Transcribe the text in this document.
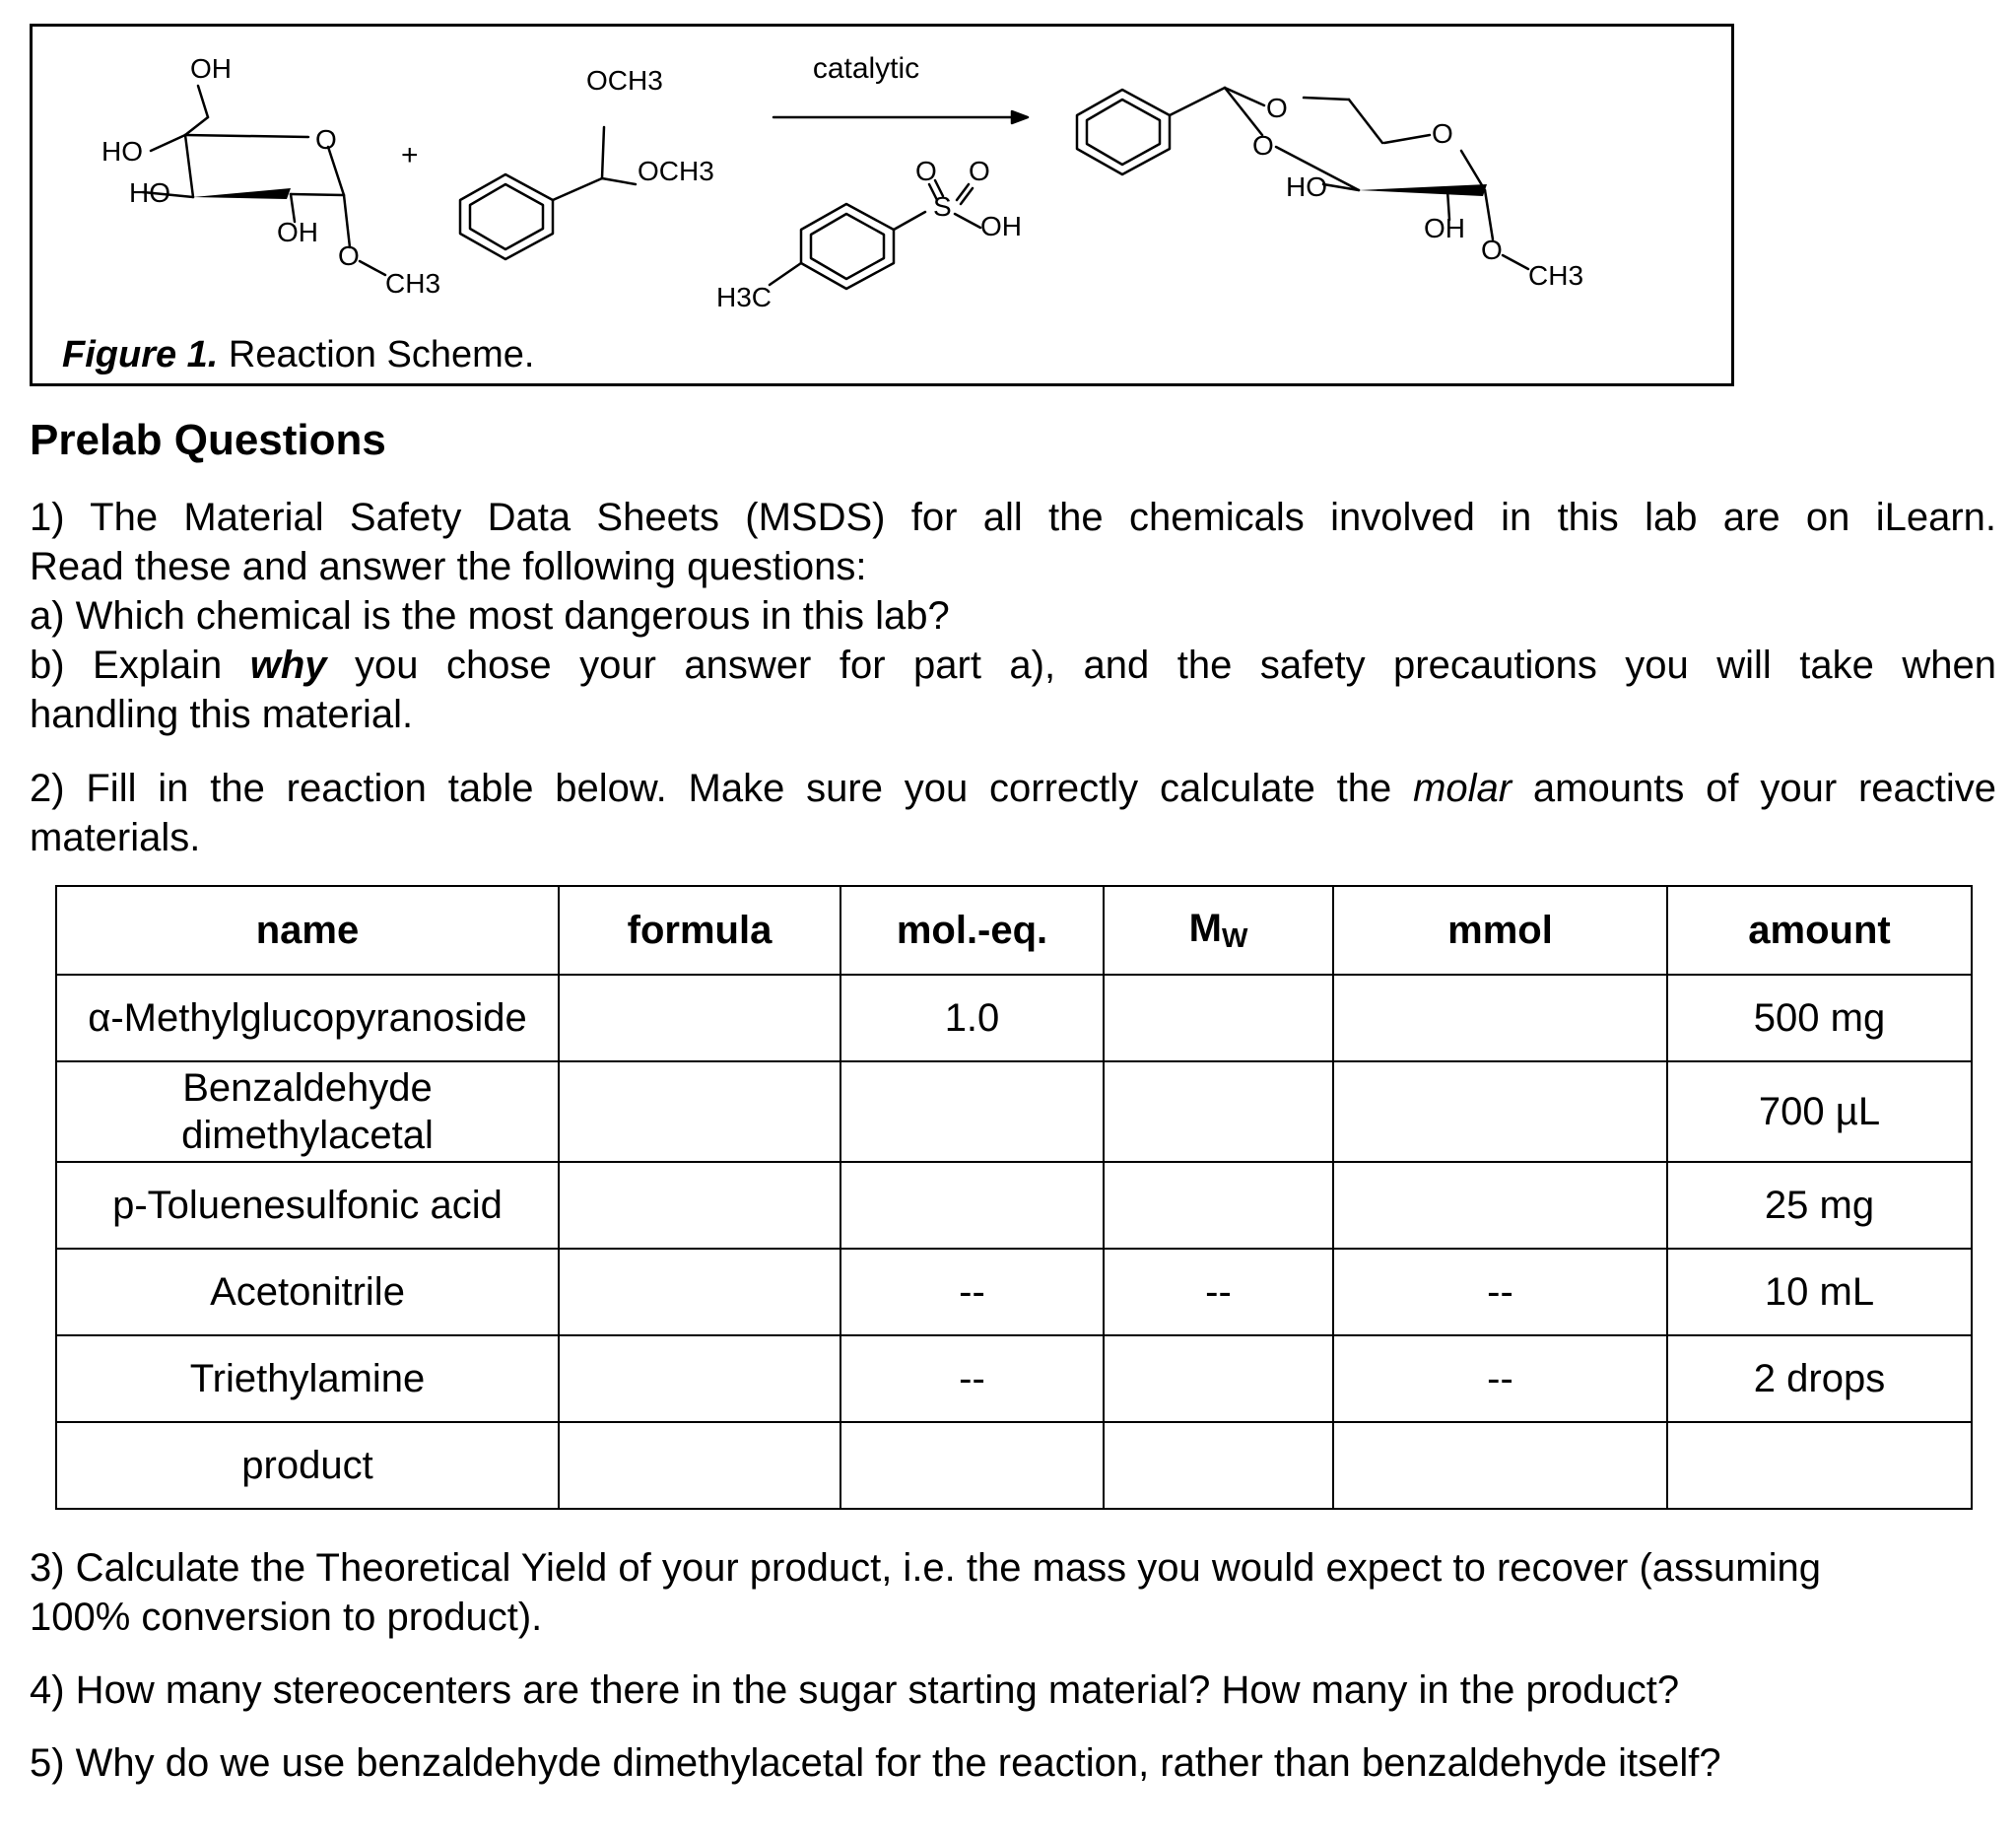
OH
HO
HO
O
OH
O
CH3
+
OCH3
OCH3
catalytic
O O
S
OH
H3C
O
O	O
HO
OH
O
CH3
Figure 1. Reaction Scheme.
Prelab Questions
1) The Material Safety Data Sheets (MSDS) for all the chemicals involved in this lab are on iLearn.
Read these and answer the following questions:
a) Which chemical is the most dangerous in this lab?
b) Explain why you chose your answer for part a), and the safety precautions you will take when
handling this material.
2) Fill in the reaction table below. Make sure you correctly calculate the molar amounts of your reactive
materials.
name	formula	mol.-eq.	$M_W$	mmol	amount
α-Methylglucopyranoside		1.0			500 mg

Benzaldehyde
dimethylacetal					700 µL
p-Toluenesulfonic acid					25 mg
Acetonitrile		--	--	--	10 mL
Triethylamine		--		--	2 drops
product					
3) Calculate the Theoretical Yield of your product, i.e. the mass you would expect to recover (assuming
100% conversion to product).
4) How many stereocenters are there in the sugar starting material? How many in the product?
5) Why do we use benzaldehyde dimethylacetal for the reaction, rather than benzaldehyde itself?
